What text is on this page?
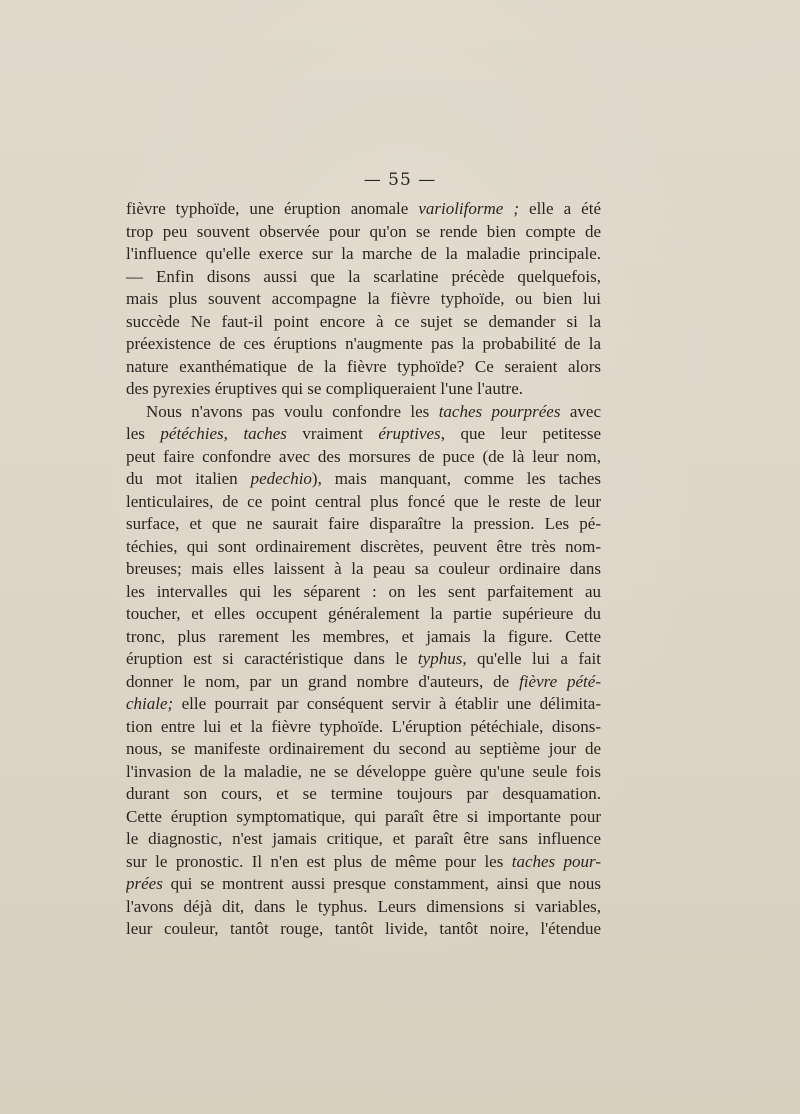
— 55 —
fièvre typhoïde, une éruption anomale varioliforme ; elle a été
trop peu souvent observée pour qu'on se rende bien compte de
l'influence qu'elle exerce sur la marche de la maladie principale.
— Enfin disons aussi que la scarlatine précède quelquefois,
mais plus souvent accompagne la fièvre typhoïde, ou bien lui
succède Ne faut-il point encore à ce sujet se demander si la
préexistence de ces éruptions n'augmente pas la probabilité de la
nature exanthématique de la fièvre typhoïde? Ce seraient alors
des pyrexies éruptives qui se compliqueraient l'une l'autre.
Nous n'avons pas voulu confondre les taches pourprées avec
les pétéchies, taches vraiment éruptives, que leur petitesse
peut faire confondre avec des morsures de puce (de là leur nom,
du mot italien pedechio), mais manquant, comme les taches
lenticulaires, de ce point central plus foncé que le reste de leur
surface, et que ne saurait faire disparaître la pression. Les pé-
téchies, qui sont ordinairement discrètes, peuvent être très nom-
breuses; mais elles laissent à la peau sa couleur ordinaire dans
les intervalles qui les séparent : on les sent parfaitement au
toucher, et elles occupent généralement la partie supérieure du
tronc, plus rarement les membres, et jamais la figure. Cette
éruption est si caractéristique dans le typhus, qu'elle lui a fait
donner le nom, par un grand nombre d'auteurs, de fièvre pété-
chiale; elle pourrait par conséquent servir à établir une délimita-
tion entre lui et la fièvre typhoïde. L'éruption pétéchiale, disons-
nous, se manifeste ordinairement du second au septième jour de
l'invasion de la maladie, ne se développe guère qu'une seule fois
durant son cours, et se termine toujours par desquamation.
Cette éruption symptomatique, qui paraît être si importante pour
le diagnostic, n'est jamais critique, et paraît être sans influence
sur le pronostic. Il n'en est plus de même pour les taches pour-
prées qui se montrent aussi presque constamment, ainsi que nous
l'avons déjà dit, dans le typhus. Leurs dimensions si variables,
leur couleur, tantôt rouge, tantôt livide, tantôt noire, l'étendue
